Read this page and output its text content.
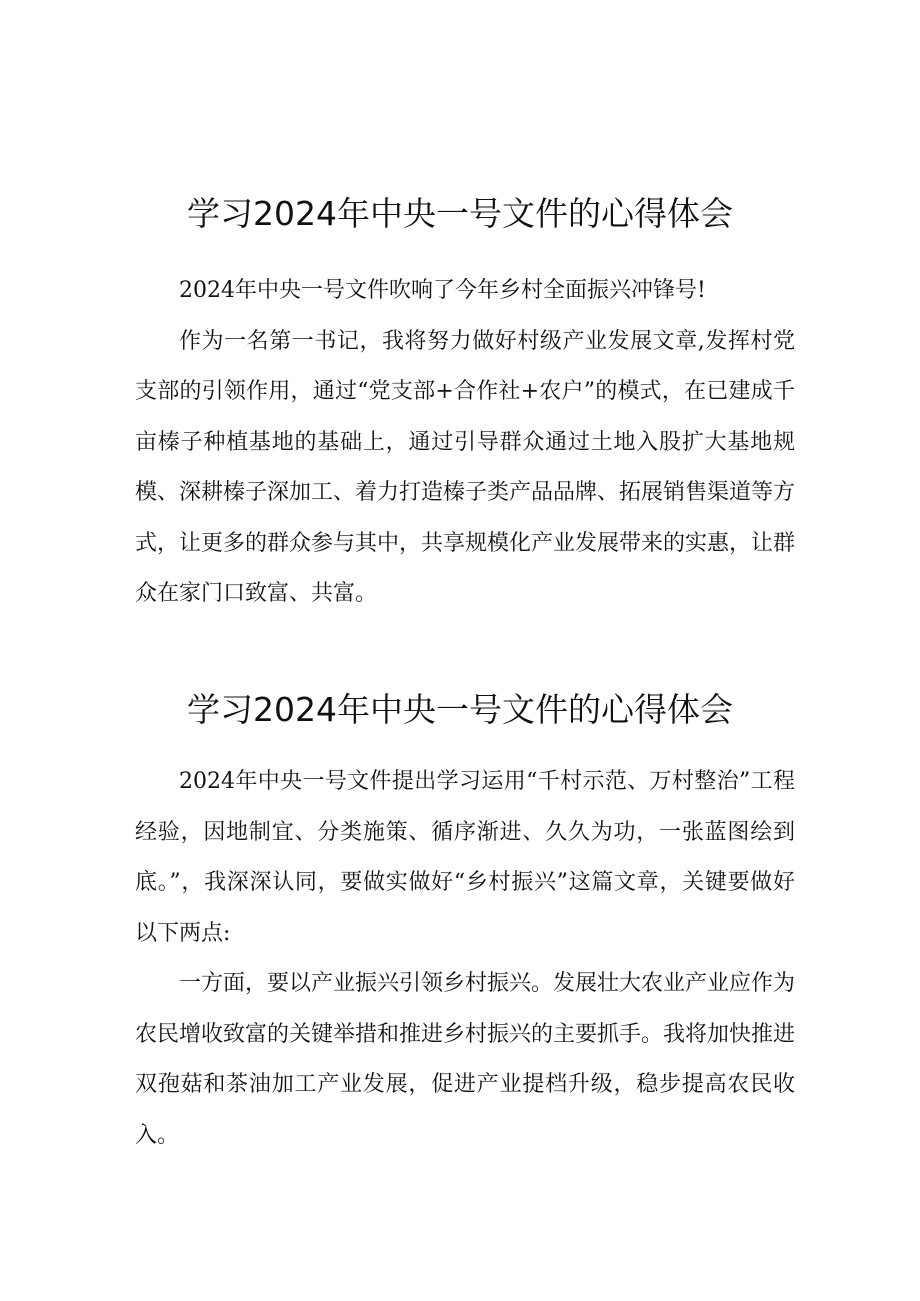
学习2024年中央一号文件的心得体会

2024年中央一号文件吹响了今年乡村全面振兴冲锋号!

作为一名第一书记，我将努力做好村级产业发展文章,发挥村党支部的引领作用，通过“党支部+合作社+农户”的模式，在已建成千亩榛子种植基地的基础上，通过引导群众通过土地入股扩大基地规模、深耕榛子深加工、着力打造榛子类产品品牌、拓展销售渠道等方式，让更多的群众参与其中，共享规模化产业发展带来的实惠，让群众在家门口致富、共富。

学习2024年中央一号文件的心得体会

2024年中央一号文件提出学习运用“千村示范、万村整治”工程经验，因地制宜、分类施策、循序渐进、久久为功，一张蓝图绘到底。”，我深深认同，要做实做好“乡村振兴”这篇文章，关键要做好以下两点:

一方面，要以产业振兴引领乡村振兴。发展壮大农业产业应作为农民增收致富的关键举措和推进乡村振兴的主要抓手。我将加快推进双孢菇和茶油加工产业发展，促进产业提档升级，稳步提高农民收入。
